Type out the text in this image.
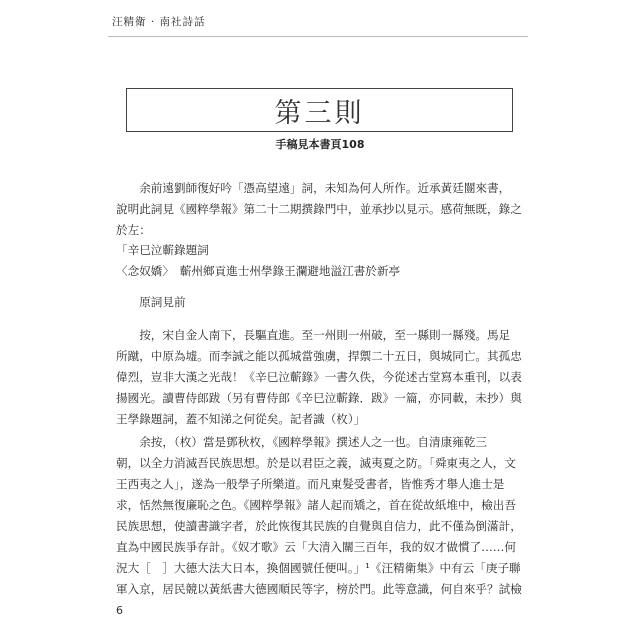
汪精衛 · 南社詩話
第三則
手稿見本書頁108
　　余前遠劉師復好吟「憑高望遠」詞，未知為何人所作。近承黃廷闓來書，
說明此詞見《國粹學報》第二十二期撰錄門中，並承抄以見示。感荷無既，錄之
於左：
「辛巳泣蘄錄題詞
〈念奴嬌〉　蘄州鄉貢進士州學錄王瀾避地溢江書於新亭
　　原詞見前
　　按，宋自金人南下，長驅直進。至一州則一州破，至一縣則一縣殘。馬足
所蹴，中原為墟。而李誠之能以孤城當強虜，捍禦二十五日，與城同亡。其孤忠
偉烈，豈非大漢之光哉！《辛巳泣蘄錄》一書久佚，今從述古堂寫本重刊，以表
揚國光。讀曹侍郎跋（另有曹侍郎《辛巳泣蘄錄．跋》一篇，亦同載，未抄）與
王學錄題詞，蓋不知涕之何從矣。記者識（枚）」
　　余按，（枚）當是鄧秋枚，《國粹學報》撰述人之一也。自清康雍乾三
朝，以全力消滅吾民族思想。於是以君臣之義，滅夷夏之防。「舜東夷之人，文
王西夷之人」，遂為一般學子所樂道。而凡東髮受書者，皆惟秀才舉人進士是
求，恬然無復廉恥之色。《國粹學報》諸人起而矯之，首在從故紙堆中，檢出吾
民族思想，使讀書識字者，於此恢復其民族的自覺與自信力，此不僅為倒滿計，
直為中國民族爭存計。《奴才歌》云「大清入關三百年，我的奴才做慣了……何
況大［　］大德大法大日本，換個國號任便叫。」¹《汪精衛集》中有云「庚子聯
軍入京，居民競以黃紙書大德國順民等字，榜於門。此等意識，何自來乎？試檢
6
